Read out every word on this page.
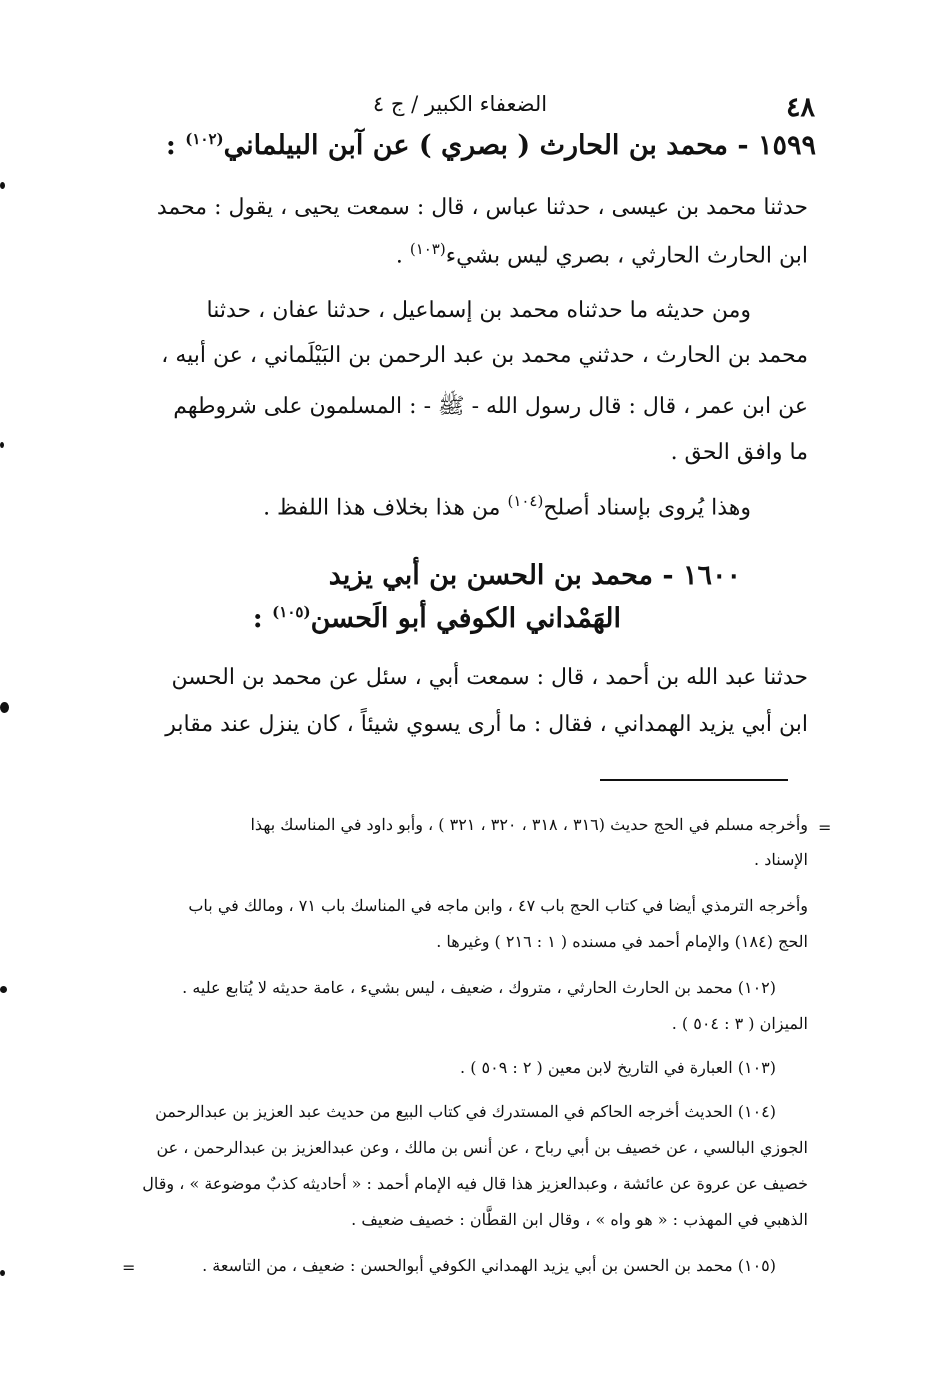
الضعفاء الكبير / ج ٤	٤٨
١٥٩٩ - محمد بن الحارث ( بصري ) عن آبن البيلماني$^{(١٠٢)}$ :
حدثنا محمد بن عيسى ، حدثنا عباس ، قال : سمعت يحيى ، يقول : محمد
ابن الحارث الحارثي ، بصري ليس بشيء$^{(١٠٣)}$ .
ومن حديثه ما حدثناه محمد بن إسماعيل ، حدثنا عفان ، حدثنا
محمد بن الحارث ، حدثني محمد بن عبد الرحمن بن البَيْلَماني ، عن أبيه ،
عن ابن عمر ، قال : قال رسول الله - ﷺ - : المسلمون على شروطهم
ما وافق الحق .
وهذا يُروى بإسناد أصلح$^{(١٠٤)}$ من هذا بخلاف هذا اللفظ .
١٦٠٠ - محمد بن الحسن بن أبي يزيد
الهَمْداني الكوفي أبو الَحسن$^{(١٠٥)}$ :
حدثنا عبد الله بن أحمد ، قال : سمعت أبي ، سئل عن محمد بن الحسن
ابن أبي يزيد الهمداني ، فقال : ما أرى يسوي شيئاً ، كان ينزل عند مقابر
=
وأخرجه مسلم في الحج حديث (٣١٦ ، ٣١٨ ، ٣٢٠ ، ٣٢١ ) ، وأبو داود في المناسك بهذا
الإسناد .
وأخرجه الترمذي أيضا في كتاب الحج باب ٤٧ ، وابن ماجه في المناسك باب ٧١ ، ومالك في باب
الحج (١٨٤) والإمام أحمد في مسنده ( ١ : ٢١٦ ) وغيرها .
(١٠٢) محمد بن الحارث الحارثي ، متروك ، ضعيف ، ليس بشيء ، عامة حديثه لا يُتابع عليه .
الميزان ( ٣ : ٥٠٤ ) .
(١٠٣) العبارة في التاريخ لابن معين ( ٢ : ٥٠٩ ) .
(١٠٤) الحديث أخرجه الحاكم في المستدرك في كتاب البيع من حديث عبد العزيز بن عبدالرحمن
الجوزي البالسي ، عن خصيف بن أبي رباح ، عن أنس بن مالك ، وعن عبدالعزيز بن عبدالرحمن ، عن
خصيف عن عروة عن عائشة ، وعبدالعزيز هذا قال فيه الإمام أحمد : « أحاديثه كذبٌ موضوعة » ، وقال
الذهبي في المهذب : « هو واه » ، وقال ابن القطَّان : خصيف ضعيف .
(١٠٥) محمد بن الحسن بن أبي يزيد الهمداني الكوفي أبوالحسن : ضعيف ، من التاسعة .
=
